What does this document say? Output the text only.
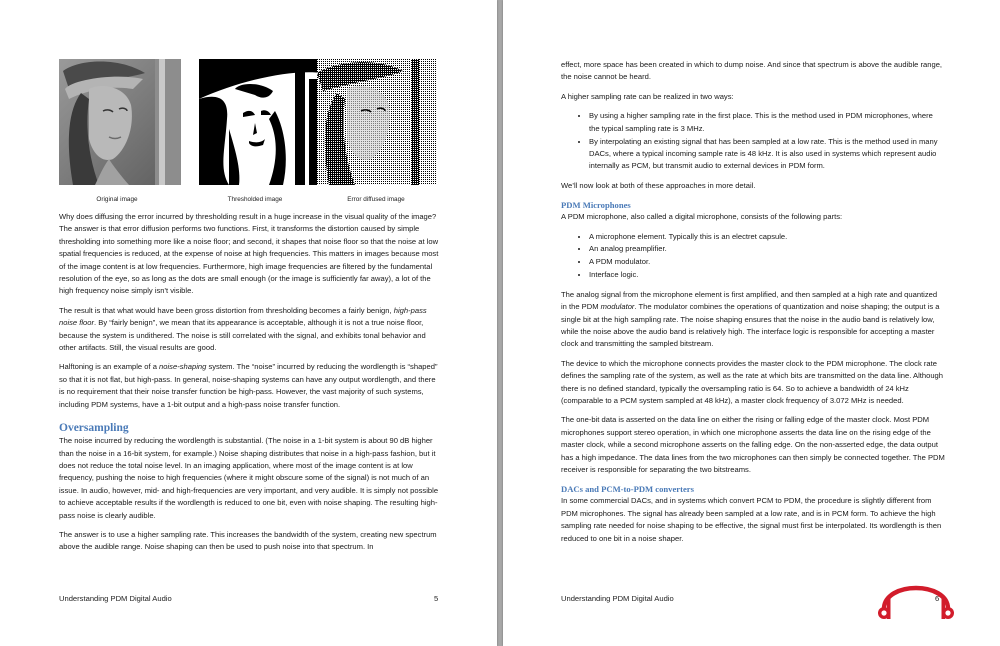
Original image	Thresholded image	Error diffused image

Why does diffusing the error incurred by thresholding result in a huge increase in the visual quality of the image? The answer is that error diffusion performs two functions. First, it transforms the distortion caused by simple thresholding into something more like a noise floor; and second, it shapes that noise floor so that the noise at low spatial frequencies is reduced, at the expense of noise at high frequencies. This matters in images because most of the image content is at low frequencies. Furthermore, high image frequencies are filtered by the fundamental resolution of the eye, so as long as the dots are small enough (or the image is sufficiently far away), a lot of the high frequency noise simply isn't visible.

The result is that what would have been gross distortion from thresholding becomes a fairly benign, high-pass noise floor. By “fairly benign”, we mean that its appearance is acceptable, although it is not a true noise floor, because the system is undithered. The noise is still correlated with the signal, and exhibits tonal behavior and other artifacts. Still, the visual results are good.

Halftoning is an example of a noise-shaping system. The “noise” incurred by reducing the wordlength is “shaped” so that it is not flat, but high-pass. In general, noise-shaping systems can have any output wordlength, and there is no requirement that their noise transfer function be high-pass. However, the vast majority of such systems, including PDM systems, have a 1-bit output and a high-pass noise transfer function.

Oversampling

The noise incurred by reducing the wordlength is substantial. (The noise in a 1-bit system is about 90 dB higher than the noise in a 16-bit system, for example.) Noise shaping distributes that noise in a high-pass fashion, but it does not reduce the total noise level. In an imaging application, where most of the image content is at low frequency, pushing the noise to high frequencies (where it might obscure some of the signal) is not much of an issue. In audio, however, mid- and high-frequencies are very important, and very audible. It is simply not possible to achieve acceptable results if the wordlength is reduced to one bit, even with noise shaping. The resulting high-pass noise is clearly audible.

The answer is to use a higher sampling rate. This increases the bandwidth of the system, creating new spectrum above the audible range. Noise shaping can then be used to push noise into that spectrum. In

Understanding PDM Digital Audio	5

effect, more space has been created in which to dump noise. And since that spectrum is above the audible range, the noise cannot be heard.

A higher sampling rate can be realized in two ways:

• By using a higher sampling rate in the first place. This is the method used in PDM microphones, where the typical sampling rate is 3 MHz.
• By interpolating an existing signal that has been sampled at a low rate. This is the method used in many DACs, where a typical incoming sample rate is 48 kHz. It is also used in systems which represent audio internally as PCM, but transmit audio to external devices in PDM form.

We’ll now look at both of these approaches in more detail.

PDM Microphones

A PDM microphone, also called a digital microphone, consists of the following parts:

• A microphone element. Typically this is an electret capsule.
• An analog preamplifier.
• A PDM modulator.
• Interface logic.

The analog signal from the microphone element is first amplified, and then sampled at a high rate and quantized in the PDM modulator. The modulator combines the operations of quantization and noise shaping; the output is a single bit at the high sampling rate. The noise shaping ensures that the noise in the audio band is relatively low, while the noise above the audio band is relatively high. The interface logic is responsible for accepting a master clock and transmitting the sampled bitstream.

The device to which the microphone connects provides the master clock to the PDM microphone. The clock rate defines the sampling rate of the system, as well as the rate at which bits are transmitted on the data line. Although there is no defined standard, typically the oversampling ratio is 64. So to achieve a bandwidth of 24 kHz (comparable to a PCM system sampled at 48 kHz), a master clock frequency of 3.072 MHz is needed.

The one-bit data is asserted on the data line on either the rising or falling edge of the master clock. Most PDM microphones support stereo operation, in which one microphone asserts the data line on the rising edge of the master clock, while a second microphone asserts on the falling edge. On the non-asserted edge, the data output has a high impedance. The data lines from the two microphones can then simply be connected together. The PDM receiver is responsible for separating the two bitstreams.

DACs and PCM-to-PDM converters

In some commercial DACs, and in systems which convert PCM to PDM, the procedure is slightly different from PDM microphones. The signal has already been sampled at a low rate, and is in PCM form. To achieve the high sampling rate needed for noise shaping to be effective, the signal must first be interpolated. Its wordlength is then reduced to one bit in a noise shaper.

Understanding PDM Digital Audio	6
